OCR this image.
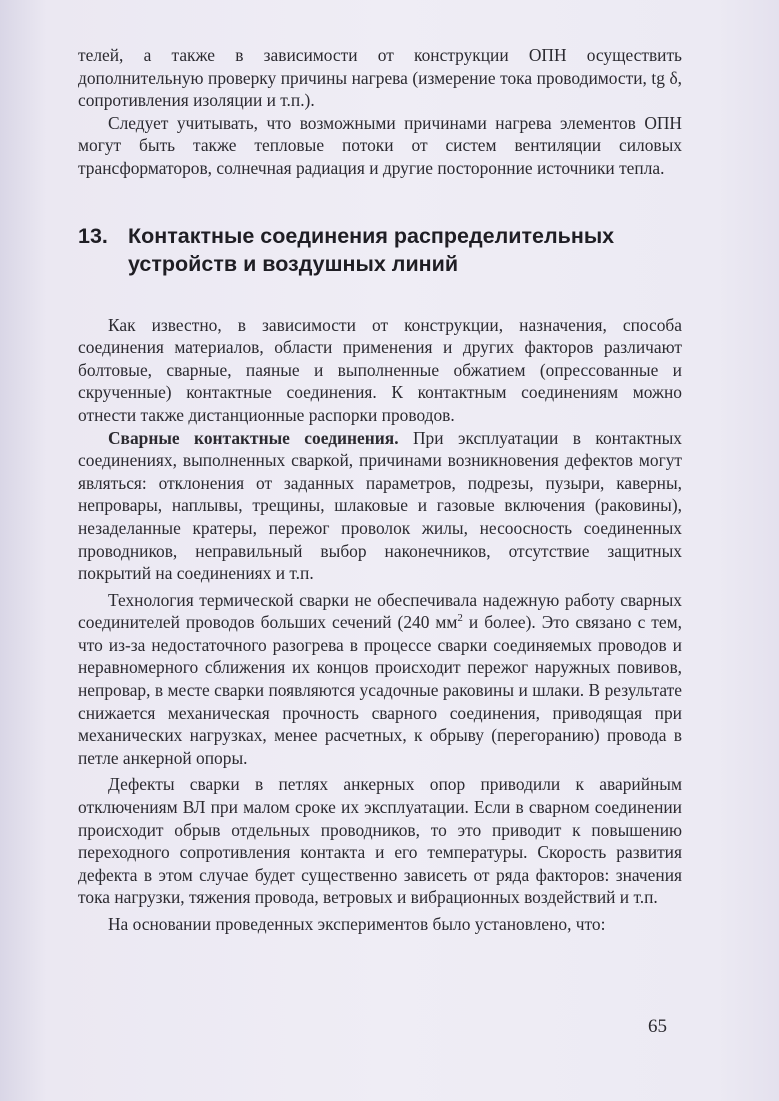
телей, а также в зависимости от конструкции ОПН осуществить дополнительную проверку причины нагрева (измерение тока проводимости, tg δ, сопротивления изоляции и т.п.).

Следует учитывать, что возможными причинами нагрева элементов ОПН могут быть также тепловые потоки от систем вентиляции силовых трансформаторов, солнечная радиация и другие посторонние источники тепла.

13. Контактные соединения распределительных устройств и воздушных линий

Как известно, в зависимости от конструкции, назначения, способа соединения материалов, области применения и других факторов различают болтовые, сварные, паяные и выполненные обжатием (опрессованные и скрученные) контактные соединения. К контактным соединениям можно отнести также дистанционные распорки проводов.

Сварные контактные соединения. При эксплуатации в контактных соединениях, выполненных сваркой, причинами возникновения дефектов могут являться: отклонения от заданных параметров, подрезы, пузыри, каверны, непровары, наплывы, трещины, шлаковые и газовые включения (раковины), незаделанные кратеры, пережог проволок жилы, несоосность соединенных проводников, неправильный выбор наконечников, отсутствие защитных покрытий на соединениях и т.п.

Технология термической сварки не обеспечивала надежную работу сварных соединителей проводов больших сечений (240 $мм^2$ и более). Это связано с тем, что из-за недостаточного разогрева в процессе сварки соединяемых проводов и неравномерного сближения их концов происходит пережог наружных повивов, непровар, в месте сварки появляются усадочные раковины и шлаки. В результате снижается механическая прочность сварного соединения, приводящая при механических нагрузках, менее расчетных, к обрыву (перегоранию) провода в петле анкерной опоры.

Дефекты сварки в петлях анкерных опор приводили к аварийным отключениям ВЛ при малом сроке их эксплуатации. Если в сварном соединении происходит обрыв отдельных проводников, то это приводит к повышению переходного сопротивления контакта и его температуры. Скорость развития дефекта в этом случае будет существенно зависеть от ряда факторов: значения тока нагрузки, тяжения провода, ветровых и вибрационных воздействий и т.п.

На основании проведенных экспериментов было установлено, что:

65
